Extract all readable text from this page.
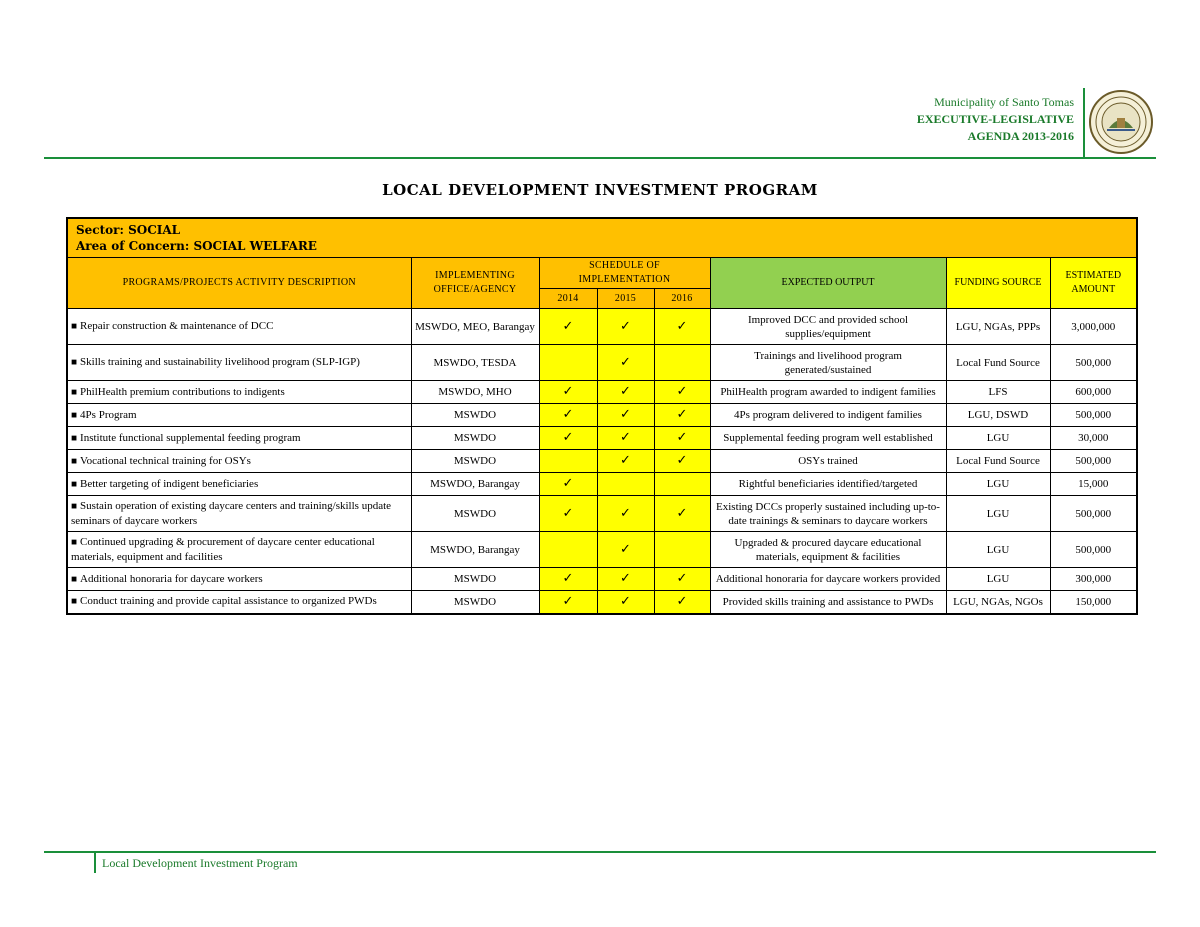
Municipality of Santo Tomas
EXECUTIVE-LEGISLATIVE
AGENDA 2013-2016
LOCAL DEVELOPMENT INVESTMENT PROGRAM
Sector: SOCIAL
Area of Concern: SOCIAL WELFARE							

PROGRAMS/PROJECTS ACTIVITY DESCRIPTION	IMPLEMENTING OFFICE/AGENCY	SCHEDULE OF IMPLEMENTATION			EXPECTED OUTPUT	FUNDING SOURCE	ESTIMATED AMOUNT
		2014	2015	2016			
■ Repair construction & maintenance of DCC	MSWDO, MEO, Barangay	✓	✓	✓	Improved DCC and provided school supplies/equipment	LGU, NGAs, PPPs	3,000,000
■ Skills training and sustainability livelihood program (SLP-IGP)	MSWDO, TESDA		✓		Trainings and livelihood program generated/sustained	Local Fund Source	500,000
■ PhilHealth premium contributions to indigents	MSWDO, MHO	✓	✓	✓	PhilHealth program awarded to indigent families	LFS	600,000
■ 4Ps Program	MSWDO	✓	✓	✓	4Ps program delivered to indigent families	LGU, DSWD	500,000
■ Institute functional supplemental feeding program	MSWDO	✓	✓	✓	Supplemental feeding program well established	LGU	30,000
■ Vocational technical training for OSYs	MSWDO		✓	✓	OSYs trained	Local Fund Source	500,000
■ Better targeting of indigent beneficiaries	MSWDO, Barangay	✓			Rightful beneficiaries identified/targeted	LGU	15,000
■ Sustain operation of existing daycare centers and training/skills update seminars of daycare workers	MSWDO	✓	✓	✓	Existing DCCs properly sustained including up-to-date trainings & seminars to daycare workers	LGU	500,000
■ Continued upgrading & procurement of daycare center educational materials, equipment and facilities	MSWDO, Barangay		✓		Upgraded & procured daycare educational materials, equipment & facilities	LGU	500,000
■ Additional honoraria for daycare workers	MSWDO	✓	✓	✓	Additional honoraria for daycare workers provided	LGU	300,000
■ Conduct training and provide capital assistance to organized PWDs	MSWDO	✓	✓	✓	Provided skills training and assistance to PWDs	LGU, NGAs, NGOs	150,000
Local Development Investment Program
